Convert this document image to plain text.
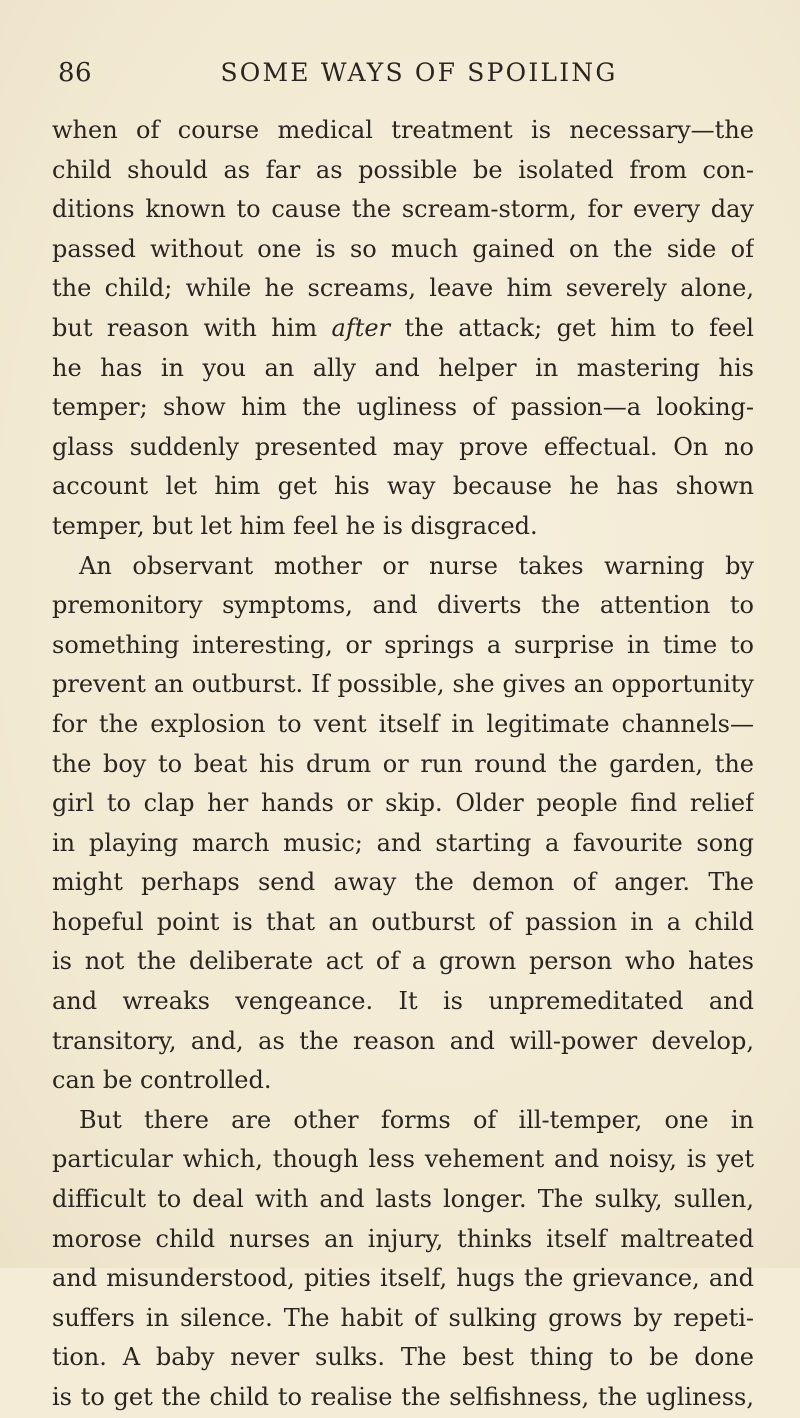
86	SOME WAYS OF SPOILING
when of course medical treatment is necessary—the
child should as far as possible be isolated from con-
ditions known to cause the scream-storm, for every day
passed without one is so much gained on the side of
the child; while he screams, leave him severely alone,
but reason with him after the attack; get him to feel
he has in you an ally and helper in mastering his
temper; show him the ugliness of passion—a looking-
glass suddenly presented may prove effectual. On no
account let him get his way because he has shown
temper, but let him feel he is disgraced.
An observant mother or nurse takes warning by
premonitory symptoms, and diverts the attention to
something interesting, or springs a surprise in time to
prevent an outburst. If possible, she gives an opportunity
for the explosion to vent itself in legitimate channels—
the boy to beat his drum or run round the garden, the
girl to clap her hands or skip. Older people find relief
in playing march music; and starting a favourite song
might perhaps send away the demon of anger. The
hopeful point is that an outburst of passion in a child
is not the deliberate act of a grown person who hates
and wreaks vengeance. It is unpremeditated and
transitory, and, as the reason and will-power develop,
can be controlled.
But there are other forms of ill-temper, one in
particular which, though less vehement and noisy, is yet
difficult to deal with and lasts longer. The sulky, sullen,
morose child nurses an injury, thinks itself maltreated
and misunderstood, pities itself, hugs the grievance, and
suffers in silence. The habit of sulking grows by repeti-
tion. A baby never sulks. The best thing to be done
is to get the child to realise the selfishness, the ugliness,
